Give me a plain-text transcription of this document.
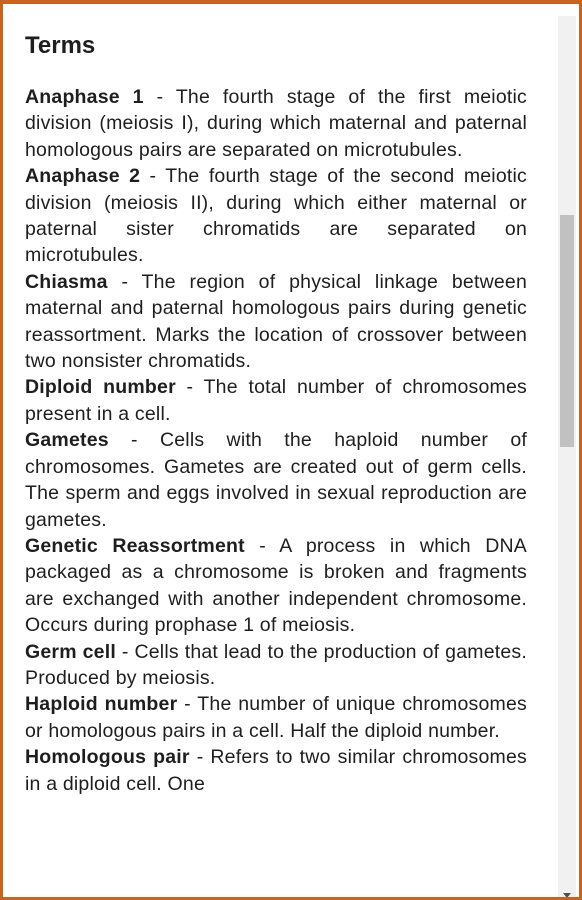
Terms

Anaphase 1 - The fourth stage of the first meiotic division (meiosis I), during which maternal and paternal homologous pairs are separated on microtubules.

Anaphase 2 - The fourth stage of the second meiotic division (meiosis II), during which either maternal or paternal sister chromatids are separated on microtubules.

Chiasma - The region of physical linkage between maternal and paternal homologous pairs during genetic reassortment. Marks the location of crossover between two nonsister chromatids.

Diploid number - The total number of chromosomes present in a cell.

Gametes - Cells with the haploid number of chromosomes. Gametes are created out of germ cells. The sperm and eggs involved in sexual reproduction are gametes.

Genetic Reassortment - A process in which DNA packaged as a chromosome is broken and fragments are exchanged with another independent chromosome. Occurs during prophase 1 of meiosis.

Germ cell - Cells that lead to the production of gametes. Produced by meiosis.

Haploid number - The number of unique chromosomes or homologous pairs in a cell. Half the diploid number.

Homologous pair - Refers to two similar chromosomes in a diploid cell. One
